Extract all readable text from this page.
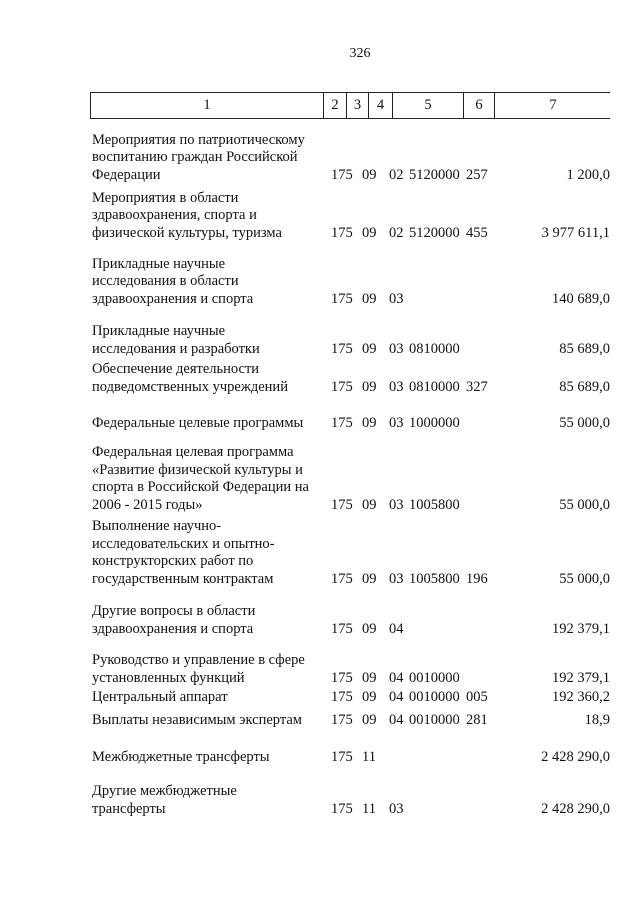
326
1	2	3	4	5	6	7
Мероприятия по патриотическому
воспитанию граждан Российской
Федерации	175 09 02 5120000 257	1 200,0
Мероприятия в области
здравоохранения, спорта и
физической культуры, туризма	175 09 02 5120000 455	3 977 611,1
Прикладные научные
исследования в области
здравоохранения и спорта	175 09 03	140 689,0
Прикладные научные
исследования и разработки	175 09 03 0810000	85 689,0
Обеспечение деятельности
подведомственных учреждений	175 09 03 0810000 327	85 689,0
Федеральные целевые программы	175 09 03 1000000	55 000,0
Федеральная целевая программа
«Развитие физической культуры и
спорта в Российской Федерации на
2006 - 2015 годы»	175 09 03 1005800	55 000,0
Выполнение научно-
исследовательских и опытно-
конструкторских работ по
государственным контрактам	175 09 03 1005800 196	55 000,0
Другие вопросы в области
здравоохранения и спорта	175 09 04	192 379,1
Руководство и управление в сфере
установленных функций	175 09 04 0010000	192 379,1
Центральный аппарат	175 09 04 0010000 005	192 360,2
Выплаты независимым экспертам	175 09 04 0010000 281	18,9
Межбюджетные трансферты	175 11	2 428 290,0
Другие межбюджетные
трансферты	175 11 03	2 428 290,0
